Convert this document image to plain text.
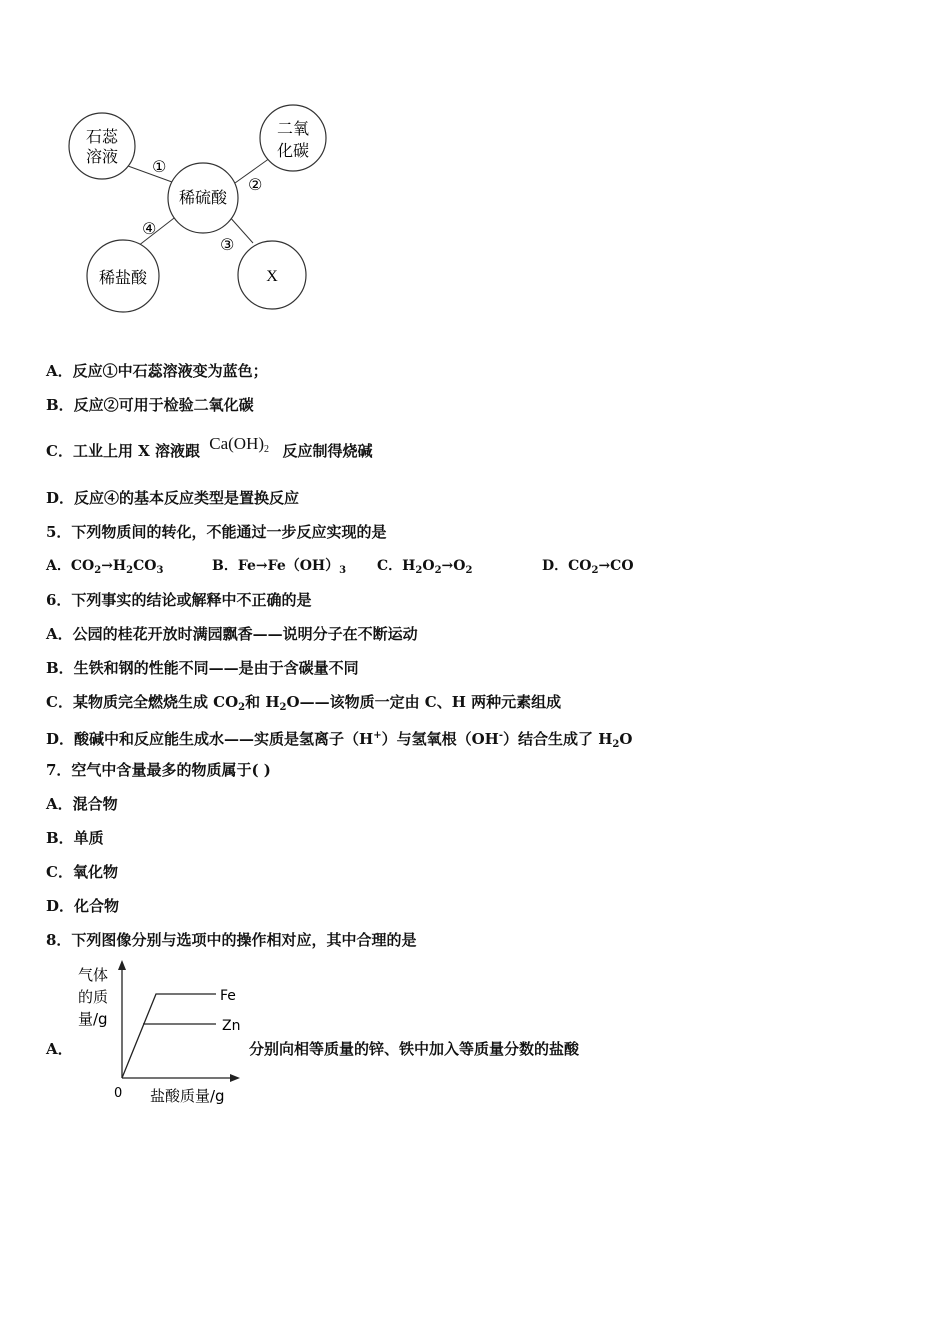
石蕊
溶液
二氧
化碳
稀硫酸
稀盐酸	X
①
②
③
④
A．反应①中石蕊溶液变为蓝色；
B．反应②可用于检验二氧化碳
C．工业上用 X 溶液跟 $Ca(OH)_2$ 反应制得烧碱
D．反应④的基本反应类型是置换反应
5．下列物质间的转化，不能通过一步反应实现的是
A．$CO_2\to H_2CO_3$	B．$Fe\to Fe(OH)_3$ C．$H_2O_2\to O_2$	D．$CO_2\to CO$
6．下列事实的结论或解释中不正确的是
A．公园的桂花开放时满园飘香——说明分子在不断运动
B．生铁和钢的性能不同——是由于含碳量不同
C．某物质完全燃烧生成 $CO_2$和 $H_2O——$该物质一定由 C、H 两种元素组成
D．酸碱中和反应能生成水——实质是氢离子（H+）与氢氧根（OH-）结合生成了 $H_2O$
7．空气中含量最多的物质属于( )
A．混合物
B．单质
C．氧化物
D．化合物
8．下列图像分别与选项中的操作相对应，其中合理的是
A．
气体
的质
量/g
0 盐酸质量/g
Fe
Zn
分别向相等质量的锌、铁中加入等质量分数的盐酸
